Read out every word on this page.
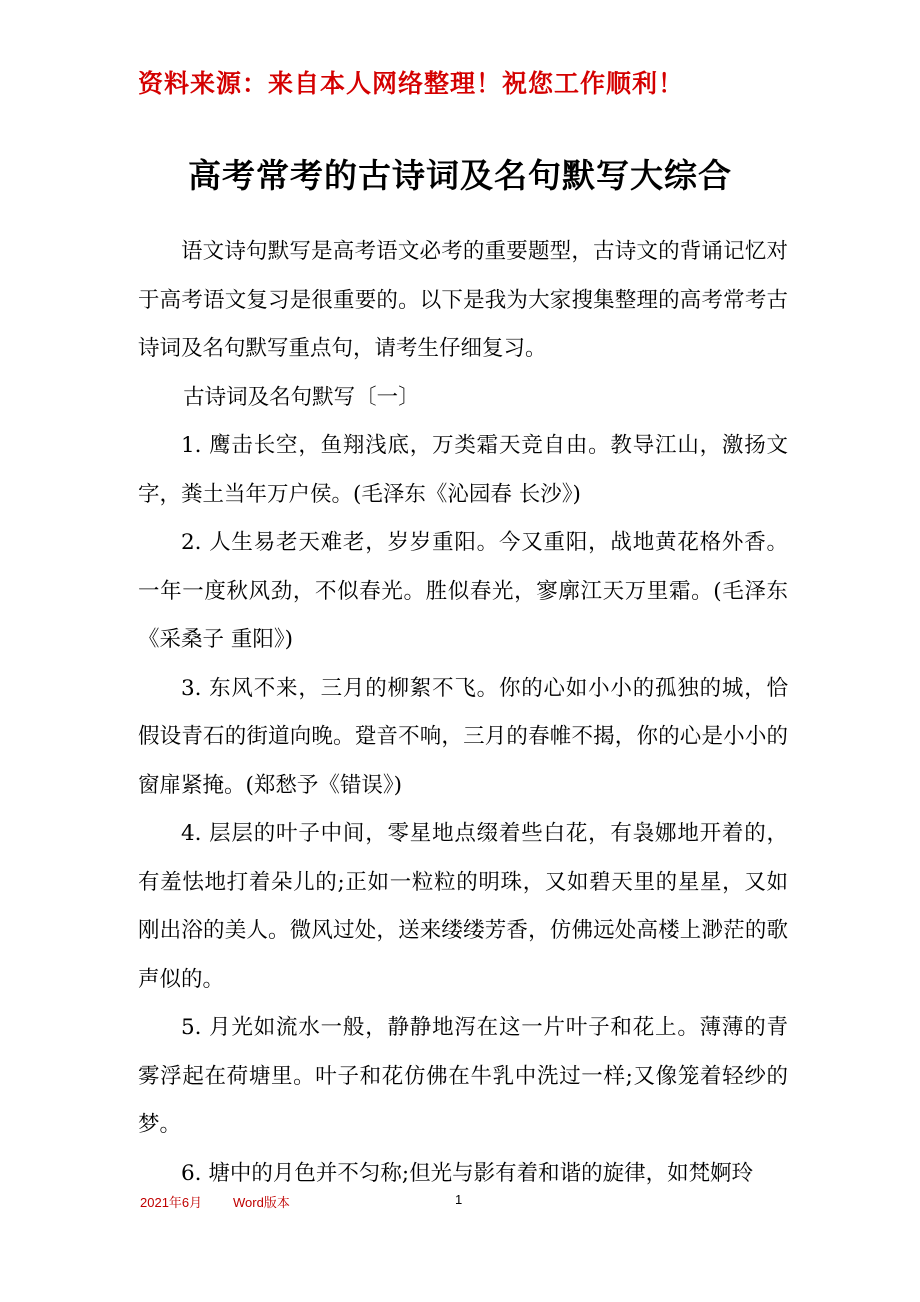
资料来源：来自本人网络整理！祝您工作顺利！
高考常考的古诗词及名句默写大综合

语文诗句默写是高考语文必考的重要题型，古诗文的背诵记忆对于高考语文复习是很重要的。以下是我为大家搜集整理的高考常考古诗词及名句默写重点句，请考生仔细复习。

古诗词及名句默写〔一〕

1. 鹰击长空，鱼翔浅底，万类霜天竞自由。教导江山，激扬文字，粪土当年万户侯。(毛泽东《沁园春 长沙》)

2. 人生易老天难老，岁岁重阳。今又重阳，战地黄花格外香。一年一度秋风劲，不似春光。胜似春光，寥廓江天万里霜。(毛泽东《采桑子 重阳》)

3. 东风不来，三月的柳絮不飞。你的心如小小的孤独的城，恰假设青石的街道向晚。跫音不响，三月的春帷不揭，你的心是小小的窗扉紧掩。(郑愁予《错误》)

4. 层层的叶子中间，零星地点缀着些白花，有袅娜地开着的，有羞怯地打着朵儿的;正如一粒粒的明珠，又如碧天里的星星，又如刚出浴的美人。微风过处，送来缕缕芳香，仿佛远处高楼上渺茫的歌声似的。

5. 月光如流水一般，静静地泻在这一片叶子和花上。薄薄的青雾浮起在荷塘里。叶子和花仿佛在牛乳中洗过一样;又像笼着轻纱的梦。

6. 塘中的月色并不匀称;但光与影有着和谐的旋律，如梵婀玲

2021年6月 Word版本	1
